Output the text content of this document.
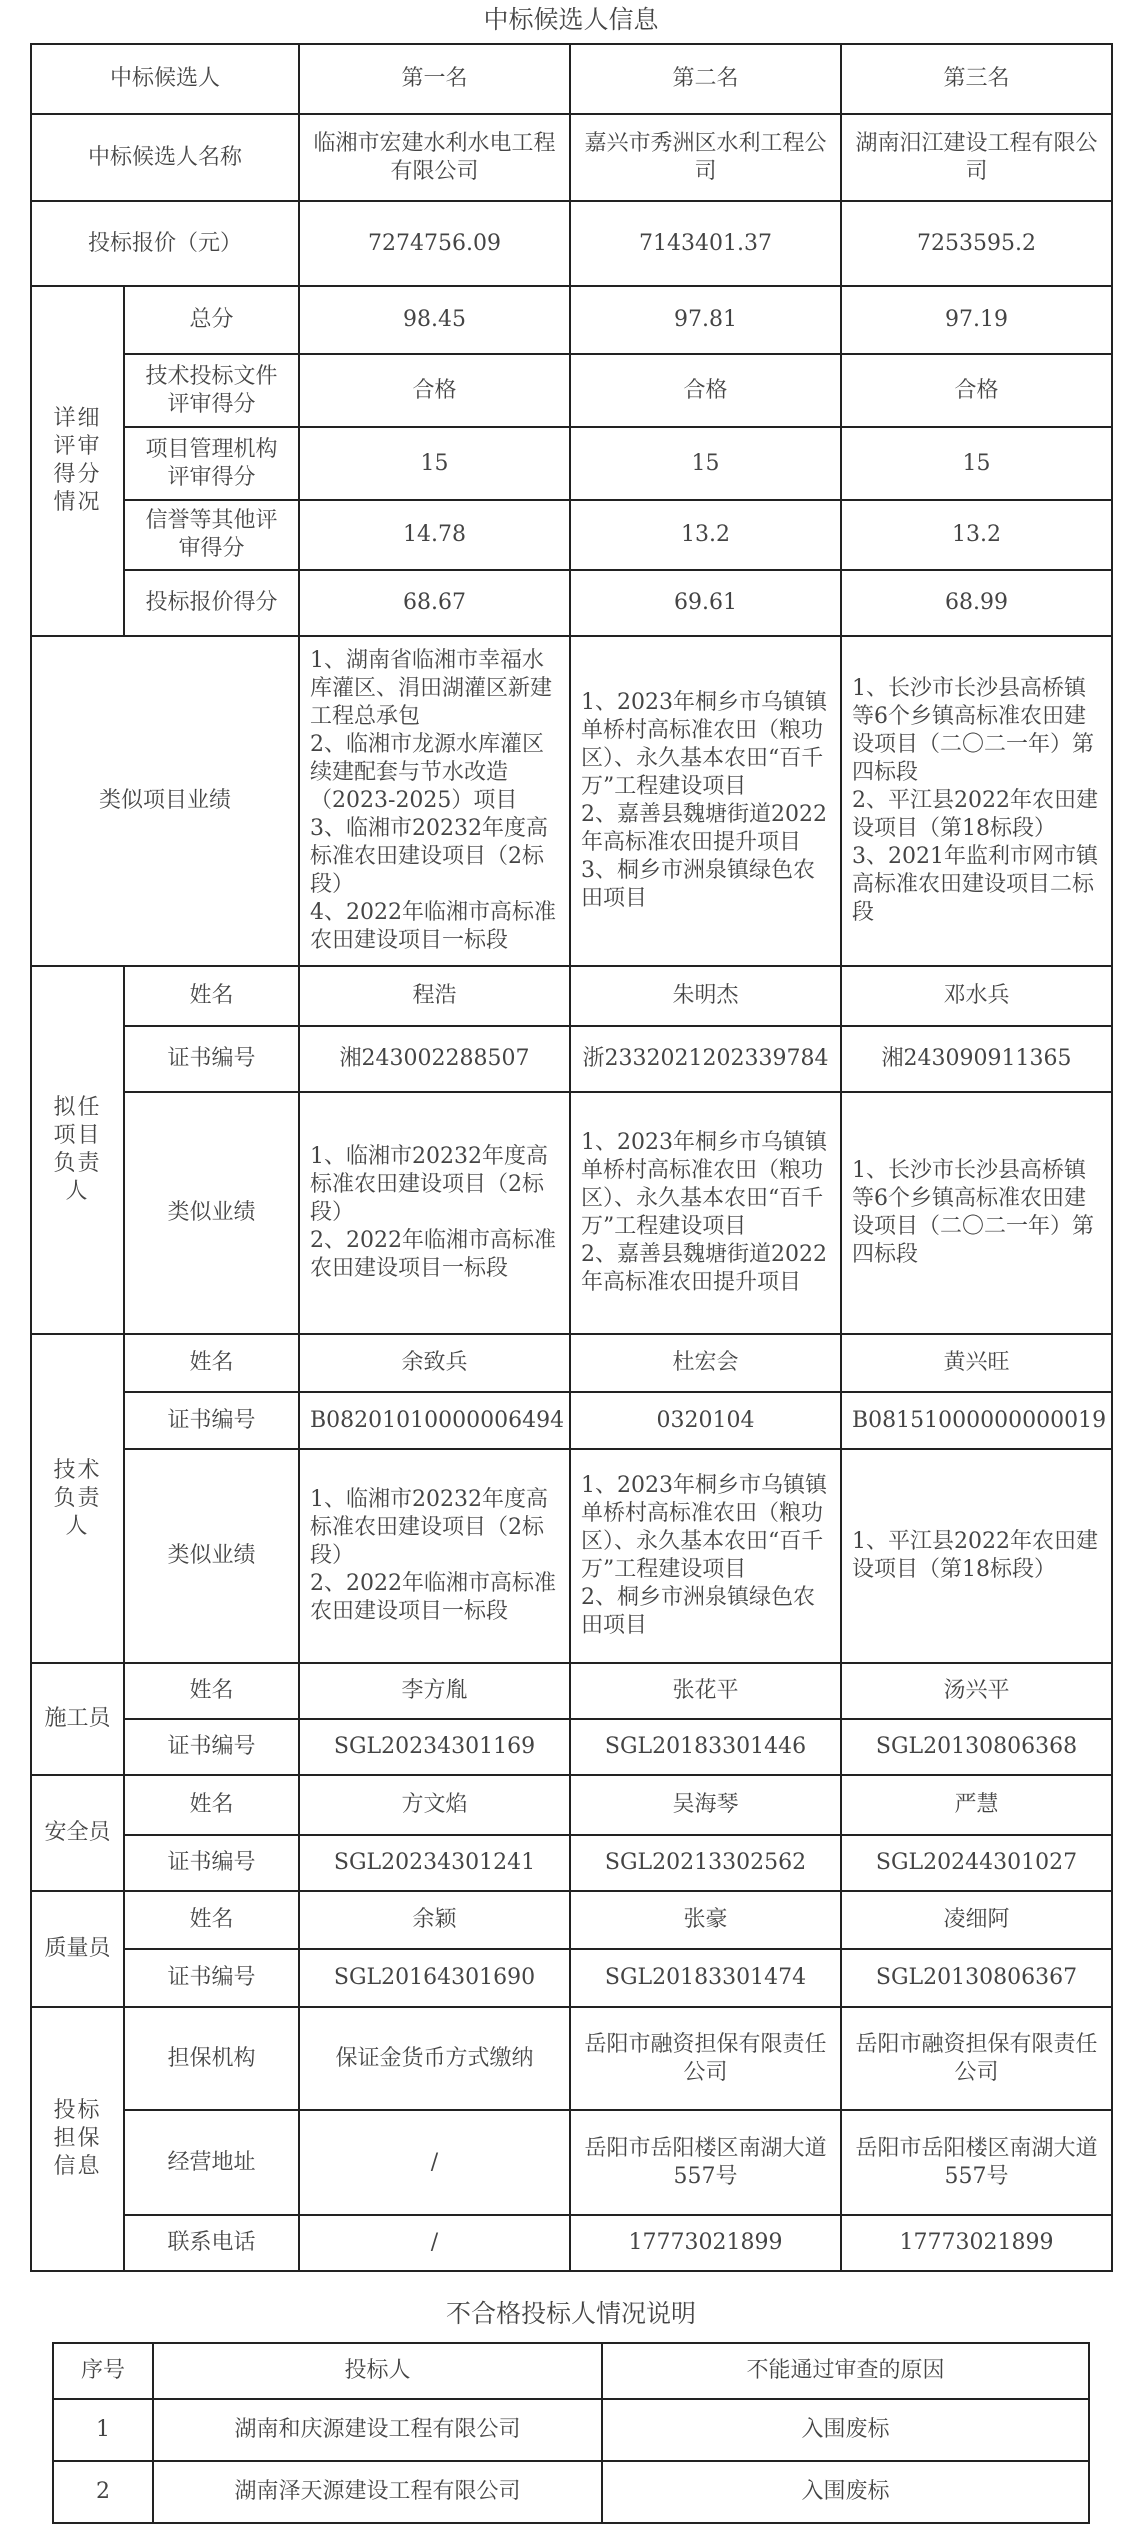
中标候选人信息
中标候选人		第一名	第二名	第三名
中标候选人名称		临湘市宏建水利水电工程有限公司	嘉兴市秀洲区水利工程公司	湖南汨江建设工程有限公司
投标报价（元）		7274756.09	7143401.37	7253595.2
详细评审得分情况	总分	98.45	97.81	97.19
	技术投标文件评审得分	合格	合格	合格
	项目管理机构评审得分	15	15	15
	信誉等其他评审得分	14.78	13.2	13.2
	投标报价得分	68.67	69.61	68.99
类似项目业绩		1、湖南省临湘市幸福水库灌区、涓田湖灌区新建工程总承包
2、临湘市龙源水库灌区续建配套与节水改造（2023-2025）项目
3、临湘市20232年度高标准农田建设项目（2标段）
4、2022年临湘市高标准农田建设项目一标段	1、2023年桐乡市乌镇镇单桥村高标准农田（粮功区）、永久基本农田“百千万”工程建设项目
2、嘉善县魏塘街道2022年高标准农田提升项目
3、桐乡市洲泉镇绿色农田项目	1、长沙市长沙县高桥镇等6个乡镇高标准农田建设项目（二〇二一年）第四标段
2、平江县2022年农田建设项目（第18标段）
3、2021年监利市网市镇高标准农田建设项目二标段

拟任项目负责人	姓名	程浩	朱明杰	邓水兵
	证书编号	湘243002288507	浙2332021202339784	湘243090911365
	类似业绩	1、临湘市20232年度高标准农田建设项目（2标段）
2、2022年临湘市高标准农田建设项目一标段	1、2023年桐乡市乌镇镇单桥村高标准农田（粮功区）、永久基本农田“百千万”工程建设项目
2、嘉善县魏塘街道2022年高标准农田提升项目	1、长沙市长沙县高桥镇等6个乡镇高标准农田建设项目（二〇二一年）第四标段

技术负责人	姓名	余致兵	杜宏会	黄兴旺
	证书编号	B08201010000006494	0320104	B08151000000000019
	类似业绩	1、临湘市20232年度高标准农田建设项目（2标段）
2、2022年临湘市高标准农田建设项目一标段	1、2023年桐乡市乌镇镇单桥村高标准农田（粮功区）、永久基本农田“百千万”工程建设项目
2、桐乡市洲泉镇绿色农田项目	1、平江县2022年农田建设项目（第18标段）

施工员	姓名	李方胤	张花平	汤兴平
	证书编号	SGL20234301169	SGL20183301446	SGL20130806368
安全员	姓名	方文焰	吴海琴	严慧
	证书编号	SGL20234301241	SGL20213302562	SGL20244301027
质量员	姓名	余颖	张豪	凌细阿
	证书编号	SGL20164301690	SGL20183301474	SGL20130806367
投标担保信息	担保机构	保证金货币方式缴纳	岳阳市融资担保有限责任公司	岳阳市融资担保有限责任公司
	经营地址	/	岳阳市岳阳楼区南湖大道557号	岳阳市岳阳楼区南湖大道557号
	联系电话	/	17773021899	17773021899
不合格投标人情况说明
序号	投标人	不能通过审查的原因
1	湖南和庆源建设工程有限公司	入围废标
2	湖南泽天源建设工程有限公司	入围废标
